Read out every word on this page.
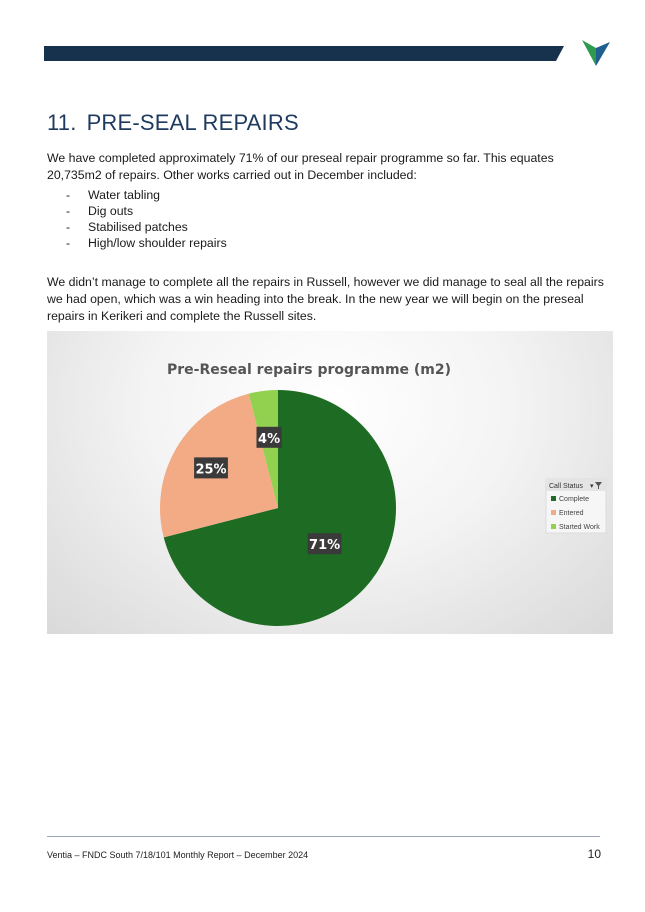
11. PRE-SEAL REPAIRS

We have completed approximately 71% of our preseal repair programme so far. This equates 20,735m2 of repairs. Other works carried out in December included:

- Water tabling
- Dig outs
- Stabilised patches
- High/low shoulder repairs

We didn’t manage to complete all the repairs in Russell, however we did manage to seal all the repairs we had open, which was a win heading into the break. In the new year we will begin on the preseal repairs in Kerikeri and complete the Russell sites.

Pre-Reseal repairs programme (m2)
71%
25%
4%
Call Status ▾
Complete
Entered
Started Work
Ventia – FNDC South 7/18/101 Monthly Report – December 2024	10
